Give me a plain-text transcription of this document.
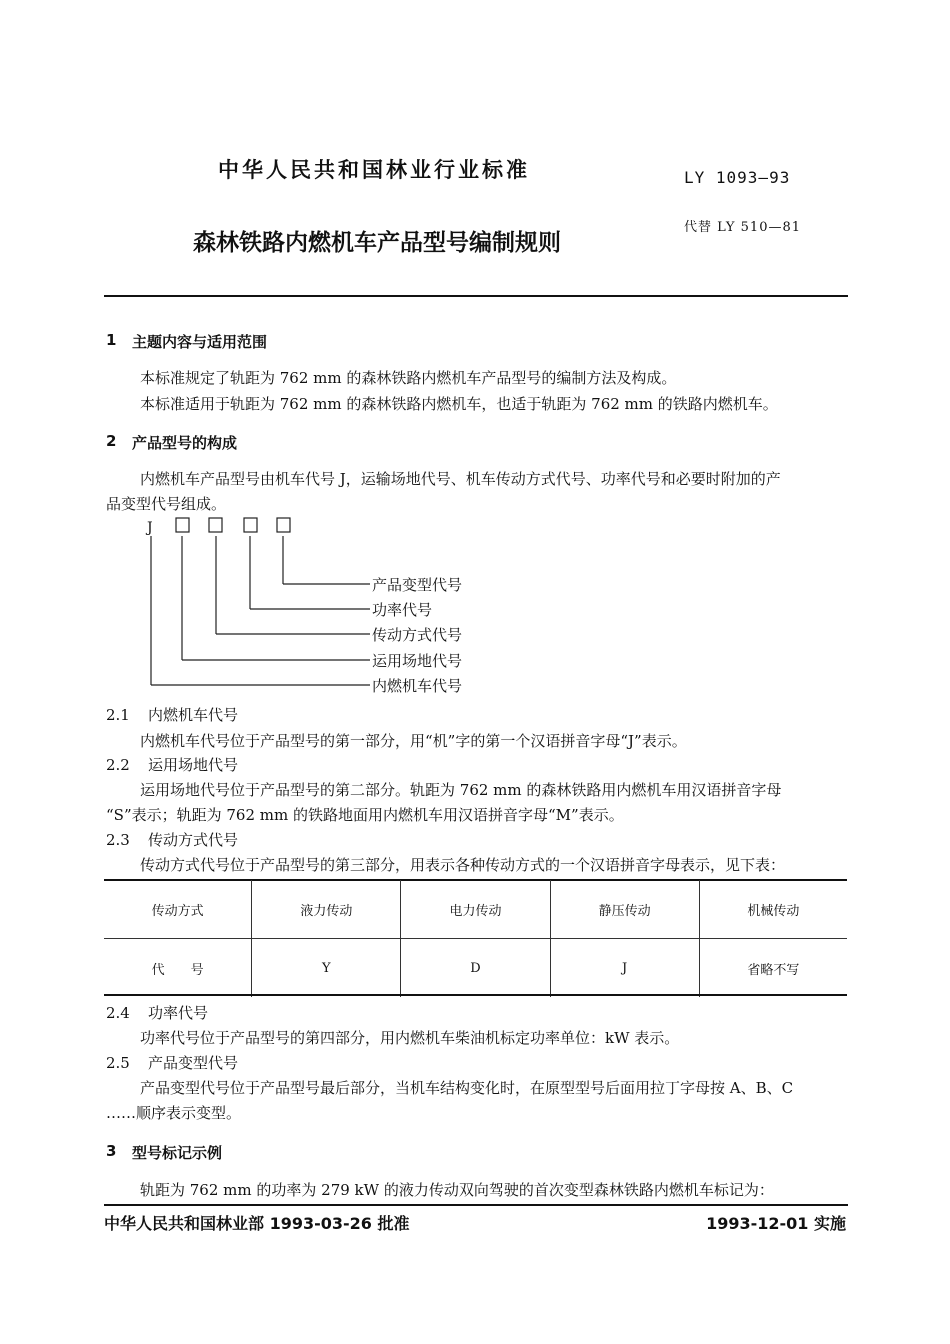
中华人民共和国林业行业标准	LY 1093—93
森林铁路内燃机车产品型号编制规则
代替 LY 510—81
1 主题内容与适用范围
本标准规定了轨距为 762 mm 的森林铁路内燃机车产品型号的编制方法及构成。
本标准适用于轨距为 762 mm 的森林铁路内燃机车，也适于轨距为 762 mm 的铁路内燃机车。
2 产品型号的构成
内燃机车产品型号由机车代号 J，运输场地代号、机车传动方式代号、功率代号和必要时附加的产
品变型代号组成。
J
产品变型代号
功率代号
传动方式代号
运用场地代号
内燃机车代号
2.1 内燃机车代号
内燃机车代号位于产品型号的第一部分，用“机”字的第一个汉语拼音字母“J”表示。
2.2 运用场地代号
运用场地代号位于产品型号的第二部分。轨距为 762 mm 的森林铁路用内燃机车用汉语拼音字母
“S”表示；轨距为 762 mm 的铁路地面用内燃机车用汉语拼音字母“M”表示。
2.3 传动方式代号
传动方式代号位于产品型号的第三部分，用表示各种传动方式的一个汉语拼音字母表示，见下表：
传动方式	液力传动	电力传动	静压传动	机械传动
代　　号	Y	D	J	省略不写
2.4 功率代号
功率代号位于产品型号的第四部分，用内燃机车柴油机标定功率单位：kW 表示。
2.5 产品变型代号
产品变型代号位于产品型号最后部分，当机车结构变化时，在原型型号后面用拉丁字母按 A、B、C
……顺序表示变型。
3 型号标记示例
轨距为 762 mm 的功率为 279 kW 的液力传动双向驾驶的首次变型森林铁路内燃机车标记为：
中华人民共和国林业部 1993-03-26 批准	1993-12-01 实施
